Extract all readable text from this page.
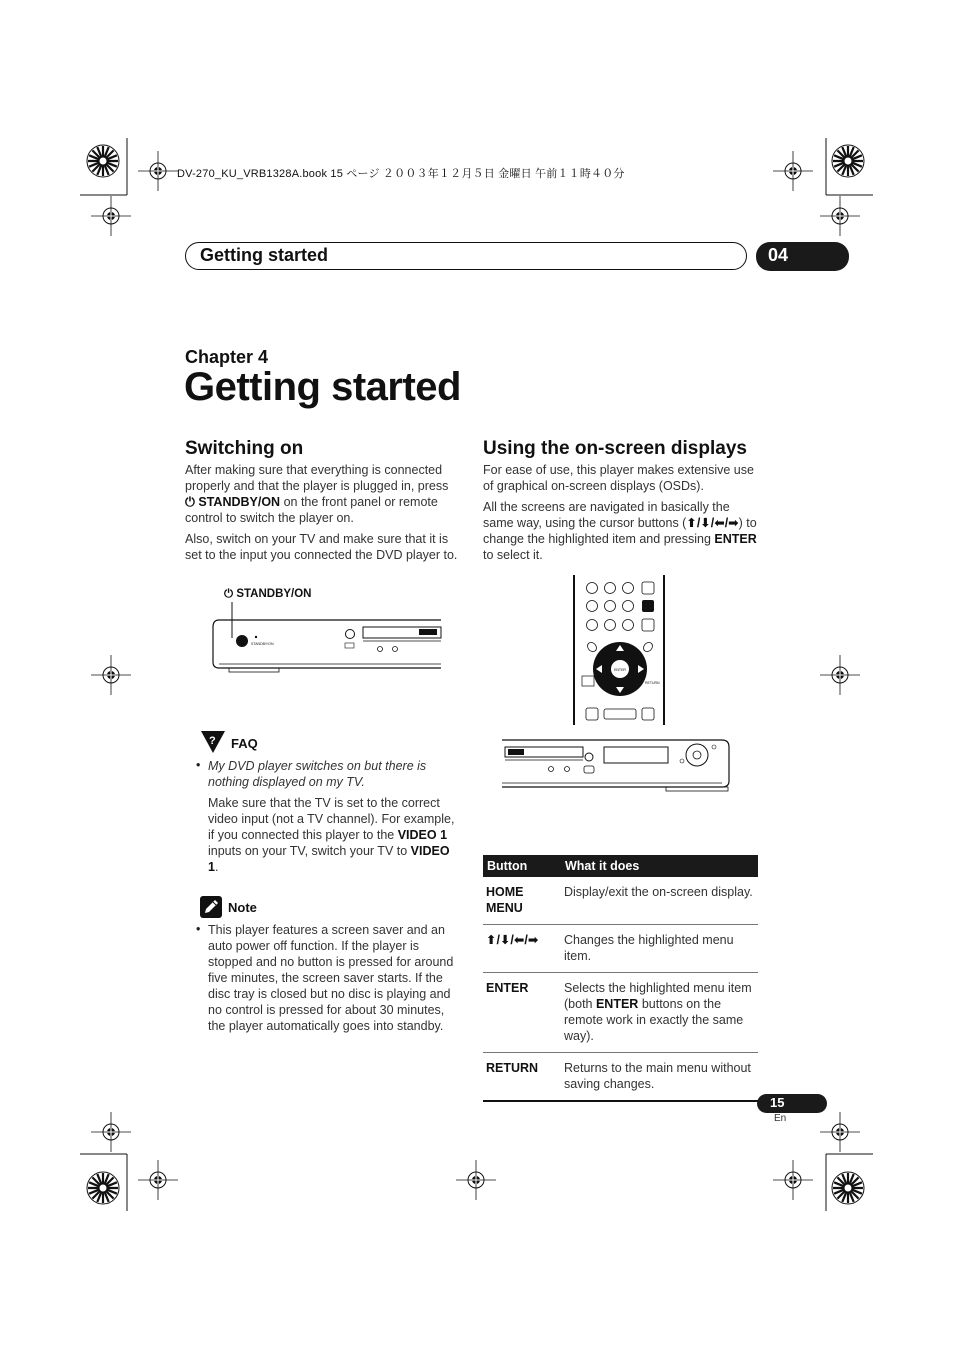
DV-270_KU_VRB1328A.book 15 ページ ２００３年１２月５日 金曜日 午前１１時４０分
Getting started	04
Chapter 4
Getting started
Switching on
After making sure that everything is connected properly and that the player is plugged in, press ⏻ STANDBY/ON on the front panel or remote control to switch the player on.
Also, switch on your TV and make sure that it is set to the input you connected the DVD player to.
⏻ STANDBY/ON
STANDBY/ON
? FAQ
• My DVD player switches on but there is nothing displayed on my TV.
Make sure that the TV is set to the correct video input (not a TV channel). For example, if you connected this player to the VIDEO 1 inputs on your TV, switch your TV to VIDEO 1.
Note
• This player features a screen saver and an auto power off function. If the player is stopped and no button is pressed for around five minutes, the screen saver starts. If the disc tray is closed but no disc is playing and no control is pressed for about 30 minutes, the player automatically goes into standby.
Using the on-screen displays
For ease of use, this player makes extensive use of graphical on-screen displays (OSDs).
All the screens are navigated in basically the same way, using the cursor buttons (⬆/⬇/⬅/➡) to change the highlighted item and pressing ENTER to select it.
ENTER
RETURN
Button	What it does
HOME MENU	Display/exit the on-screen display.
⬆/⬇/⬅/➡	Changes the highlighted menu item.
ENTER	Selects the highlighted menu item (both ENTER buttons on the remote work in exactly the same way).
RETURN	Returns to the main menu without saving changes.
15
En
